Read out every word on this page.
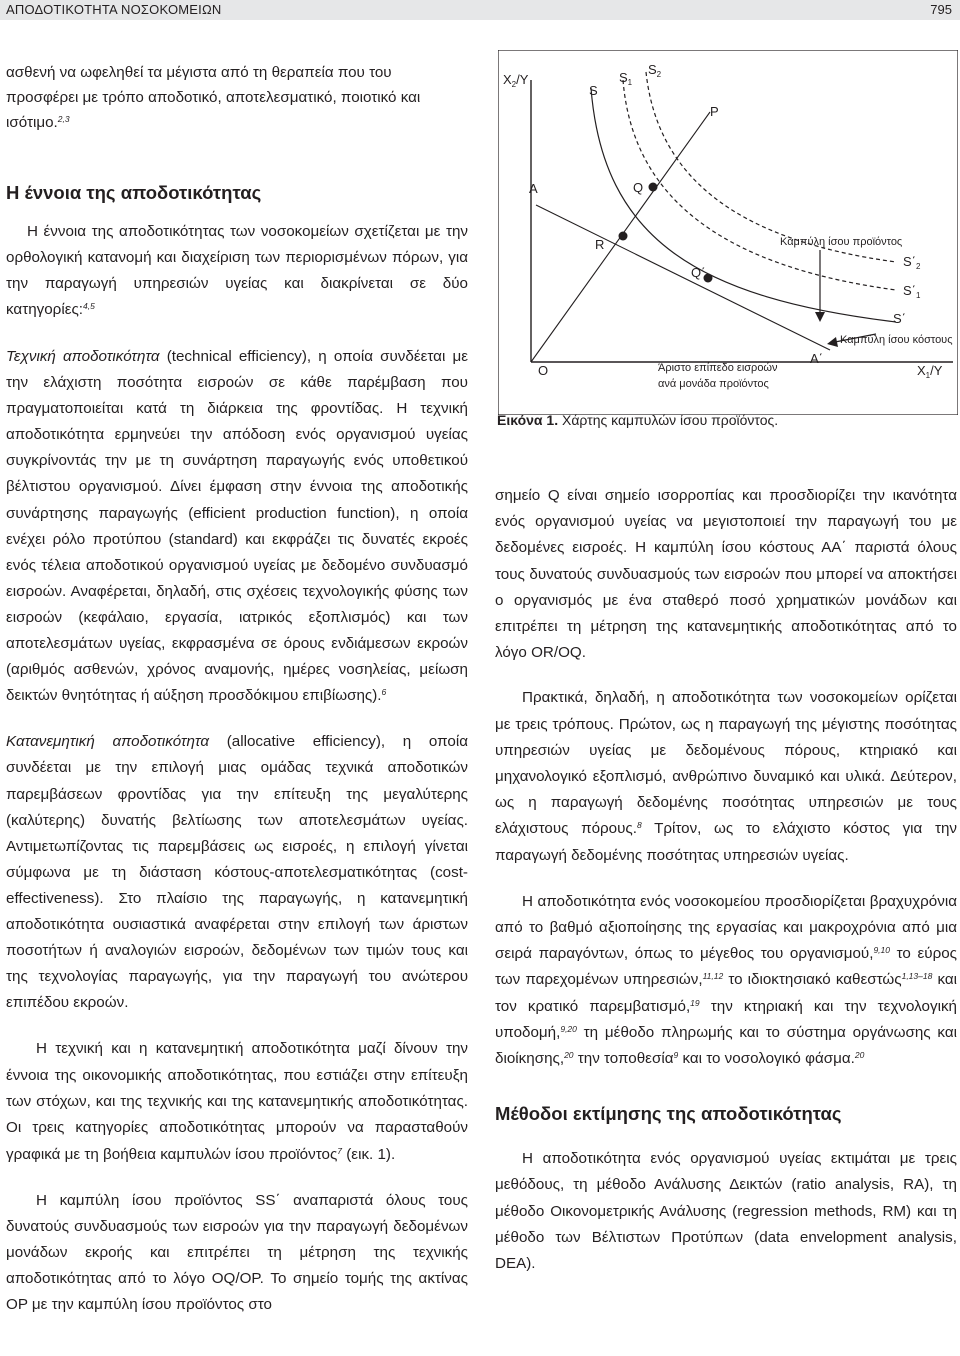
ΑΠΟΔΟΤΙΚΟΤΗΤΑ ΝΟΣΟΚΟΜΕΙΩΝ	795

ασθενή να ωφεληθεί τα μέγιστα από τη θεραπεία που του προσφέρει με τρόπο αποδοτικό, αποτελεσματικό, ποιοτικό και ισότιμο.$^{2,3}$

Η έννοια της αποδοτικότητας

Η έννοια της αποδοτικότητας των νοσοκομείων σχετίζεται με την ορθολογική κατανομή και διαχείριση των περιορισμένων πόρων, για την παραγωγή υπηρεσιών υγείας και διακρίνεται σε δύο κατηγορίες:$^{4,5}$

Τεχνική αποδοτικότητα (technical efficiency), η οποία συνδέεται με την ελάχιστη ποσότητα εισροών σε κάθε παρέμβαση που πραγματοποιείται κατά τη διάρκεια της φροντίδας. Η τεχνική αποδοτικότητα ερμηνεύει την απόδοση ενός οργανισμού υγείας συγκρίνοντάς την με τη συνάρτηση παραγωγής ενός υποθετικού βέλτιστου οργανισμού. Δίνει έμφαση στην έννοια της αποδοτικής συνάρτησης παραγωγής (efficient production function), η οποία ενέχει ρόλο προτύπου (standard) και εκφράζει τις δυνατές εκροές ενός τέλεια αποδοτικού οργανισμού υγείας με δεδομένο συνδυασμό εισροών. Αναφέρεται, δηλαδή, στις σχέσεις τεχνολογικής φύσης των εισροών (κεφάλαιο, εργασία, ιατρικός εξοπλισμός) και των αποτελεσμάτων υγείας, εκφρασμένα σε όρους ενδιάμεσων εκροών (αριθμός ασθενών, χρόνος αναμονής, ημέρες νοσηλείας, μείωση δεικτών θνητότητας ή αύξηση προσδόκιμου επιβίωσης).$^6$

Κατανεμητική αποδοτικότητα (allocative efficiency), η οποία συνδέεται με την επιλογή μιας ομάδας τεχνικά αποδοτικών παρεμβάσεων φροντίδας για την επίτευξη της μεγαλύτερης (καλύτερης) δυνατής βελτίωσης των αποτελεσμάτων υγείας. Αντιμετωπίζοντας τις παρεμβάσεις ως εισροές, η επιλογή γίνεται σύμφωνα με τη διάσταση κόστους-αποτελεσματικότητας (cost-effectiveness). Στο πλαίσιο της παραγωγής, η κατανεμητική αποδοτικότητα ουσιαστικά αναφέρεται στην επιλογή των άριστων ποσοτήτων ή αναλογιών εισροών, δεδομένων των τιμών τους και της τεχνολογίας παραγωγής, για την παραγωγή του ανώτερου επιπέδου εκροών.

Η τεχνική και η κατανεμητική αποδοτικότητα μαζί δίνουν την έννοια της οικονομικής αποδοτικότητας, που εστιάζει στην επίτευξη των στόχων, και της τεχνικής και της κατανεμητικής αποδοτικότητας. Οι τρεις κατηγορίες αποδοτικότητας μπορούν να παρασταθούν γραφικά με τη βοήθεια καμπυλών ίσου προϊόντος$^7$ (εικ. 1).

Η καμπύλη ίσου προϊόντος SS΄ αναπαριστά όλους τους δυνατούς συνδυασμούς των εισροών για την παραγωγή δεδομένων μονάδων εκροής και επιτρέπει τη μέτρηση της τεχνικής αποδοτικότητας από το λόγο OQ/OP. Το σημείο τομής της ακτίνας OP με την καμπύλη ίσου προϊόντος στο

$X_2/Y$
S
$S_1$
$S_2$
P
A	Q
R
Q΄
Καμπύλη ίσου προϊόντος
$S΄_2$
$S΄_1$
S΄
Καμπύλη ίσου κόστους
A΄
O	Άριστο επίπεδο εισροών
ανά μονάδα προϊόντος
$X_1/Y$
Εικόνα 1. Χάρτης καμπυλών ίσου προϊόντος.

σημείο Q είναι σημείο ισορροπίας και προσδιορίζει την ικανότητα ενός οργανισμού υγείας να μεγιστοποιεί την παραγωγή του με δεδομένες εισροές. Η καμπύλη ίσου κόστους ΑΑ΄ παριστά όλους τους δυνατούς συνδυασμούς των εισροών που μπορεί να αποκτήσει ο οργανισμός με ένα σταθερό ποσό χρηματικών μονάδων και επιτρέπει τη μέτρηση της κατανεμητικής αποδοτικότητας από το λόγο OR/OQ.

Πρακτικά, δηλαδή, η αποδοτικότητα των νοσοκομείων ορίζεται με τρεις τρόπους. Πρώτον, ως η παραγωγή της μέγιστης ποσότητας υπηρεσιών υγείας με δεδομένους πόρους, κτηριακό και μηχανολογικό εξοπλισμό, ανθρώπινο δυναμικό και υλικά. Δεύτερον, ως η παραγωγή δεδομένης ποσότητας υπηρεσιών με τους ελάχιστους πόρους.$^8$ Τρίτον, ως το ελάχιστο κόστος για την παραγωγή δεδομένης ποσότητας υπηρεσιών υγείας.

Η αποδοτικότητα ενός νοσοκομείου προσδιορίζεται βραχυχρόνια από το βαθμό αξιοποίησης της εργασίας και μακροχρόνια από μια σειρά παραγόντων, όπως το μέγεθος του οργανισμού,$^{9,10}$ το εύρος των παρεχομένων υπηρεσιών,$^{11,12}$ το ιδιοκτησιακό καθεστώς$^{1,13-18}$ και τον κρατικό παρεμβατισμό,$^{19}$ την κτηριακή και την τεχνολογική υποδομή,$^{9,20}$ τη μέθοδο πληρωμής και το σύστημα οργάνωσης και διοίκησης,$^{20}$ την τοποθεσία$^9$ και το νοσολογικό φάσμα.$^{20}$

Μέθοδοι εκτίμησης της αποδοτικότητας

Η αποδοτικότητα ενός οργανισμού υγείας εκτιμάται με τρεις μεθόδους, τη μέθοδο Ανάλυσης Δεικτών (ratio analysis, RA), τη μέθοδο Οικονομετρικής Ανάλυσης (regression methods, RM) και τη μέθοδο των Βέλτιστων Προτύπων (data envelopment analysis, DEA).
